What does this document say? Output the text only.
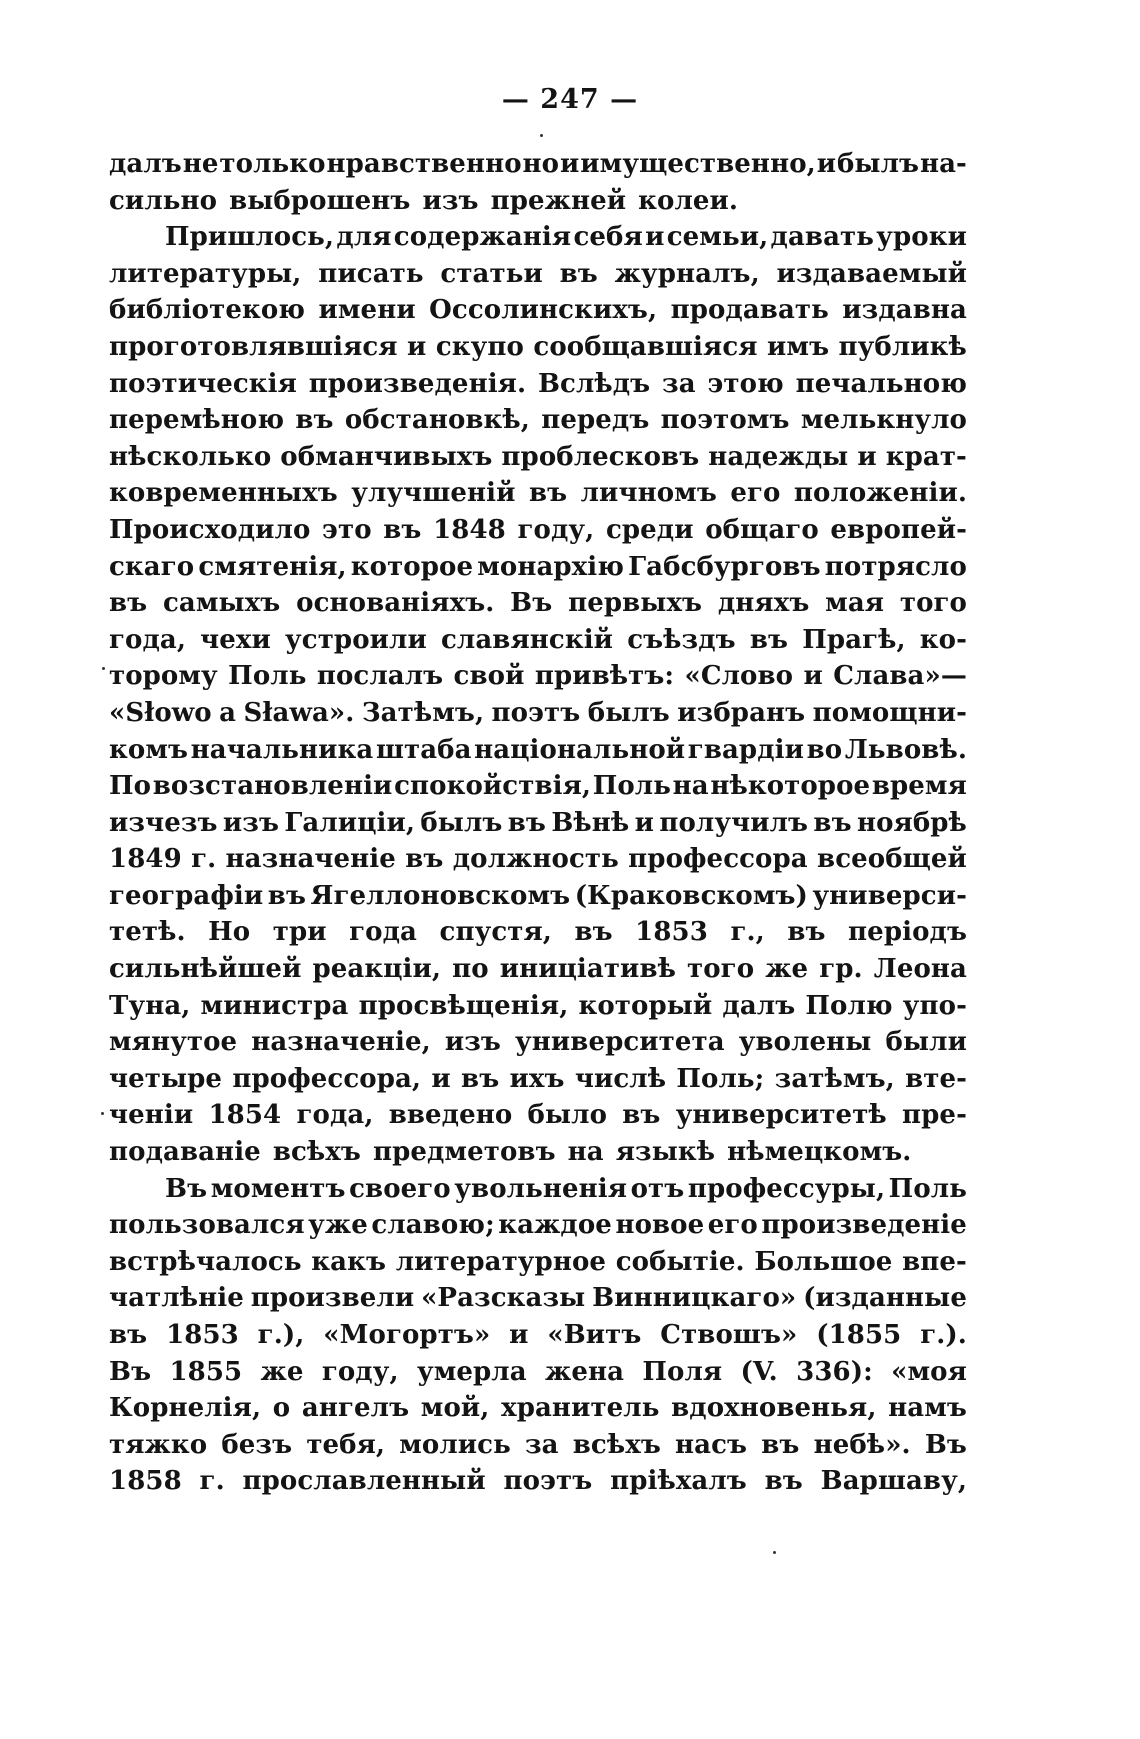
— 247 —
далъ не только нравственно но и имущественно, и былъ на-
сильно выброшенъ изъ прежней колеи.
Пришлось, для содержанія себя и семьи, давать уроки
литературы, писать статьи въ журналъ, издаваемый
библіотекою имени Оссолинскихъ, продавать издавна
проготовлявшіяся и скупо сообщавшіяся имъ публикѣ
поэтическія произведенія. Вслѣдъ за этою печальною
перемѣною въ обстановкѣ, передъ поэтомъ мелькнуло
нѣсколько обманчивыхъ проблесковъ надежды и крат-
ковременныхъ улучшеній въ личномъ его положеніи.
Происходило это въ 1848 году, среди общаго европей-
скаго смятенія, которое монархію Габсбурговъ потрясло
въ самыхъ основаніяхъ. Въ первыхъ дняхъ мая того
года, чехи устроили славянскій съѣздъ въ Прагѣ, ко-
торому Поль послалъ свой привѣтъ: «Слово и Слава»—
«Słowo a Sława». Затѣмъ, поэтъ былъ избранъ помощни-
комъ начальника штаба національной гвардіи во Львовѣ.
По возстановленіи спокойствія, Поль на нѣкоторое время
изчезъ изъ Галиціи, былъ въ Вѣнѣ и получилъ въ ноябрѣ
1849 г. назначеніе въ должность профессора всеобщей
географіи въ Ягеллоновскомъ (Краковскомъ) универси-
тетѣ. Но три года спустя, въ 1853 г., въ періодъ
сильнѣйшей реакціи, по иниціативѣ того же гр. Леона
Туна, министра просвѣщенія, который далъ Полю упо-
мянутое назначеніе, изъ университета уволены были
четыре профессора, и въ ихъ числѣ Поль; затѣмъ, вте-
ченіи 1854 года, введено было въ университетѣ пре-
подаваніе всѣхъ предметовъ на языкѣ нѣмецкомъ.
Въ моментъ своего увольненія отъ профессуры, Поль
пользовался уже славою; каждое новое его произведеніе
встрѣчалось какъ литературное событіе. Большое впе-
чатлѣніе произвели «Разсказы Винницкаго» (изданные
въ 1853 г.), «Могортъ» и «Витъ Ствошъ» (1855 г.).
Въ 1855 же году, умерла жена Поля (V. 336): «моя
Корнелія, о ангелъ мой, хранитель вдохновенья, намъ
тяжко безъ тебя, молись за всѣхъ насъ въ небѣ». Въ
1858 г. прославленный поэтъ пріѣхалъ въ Варшаву,
